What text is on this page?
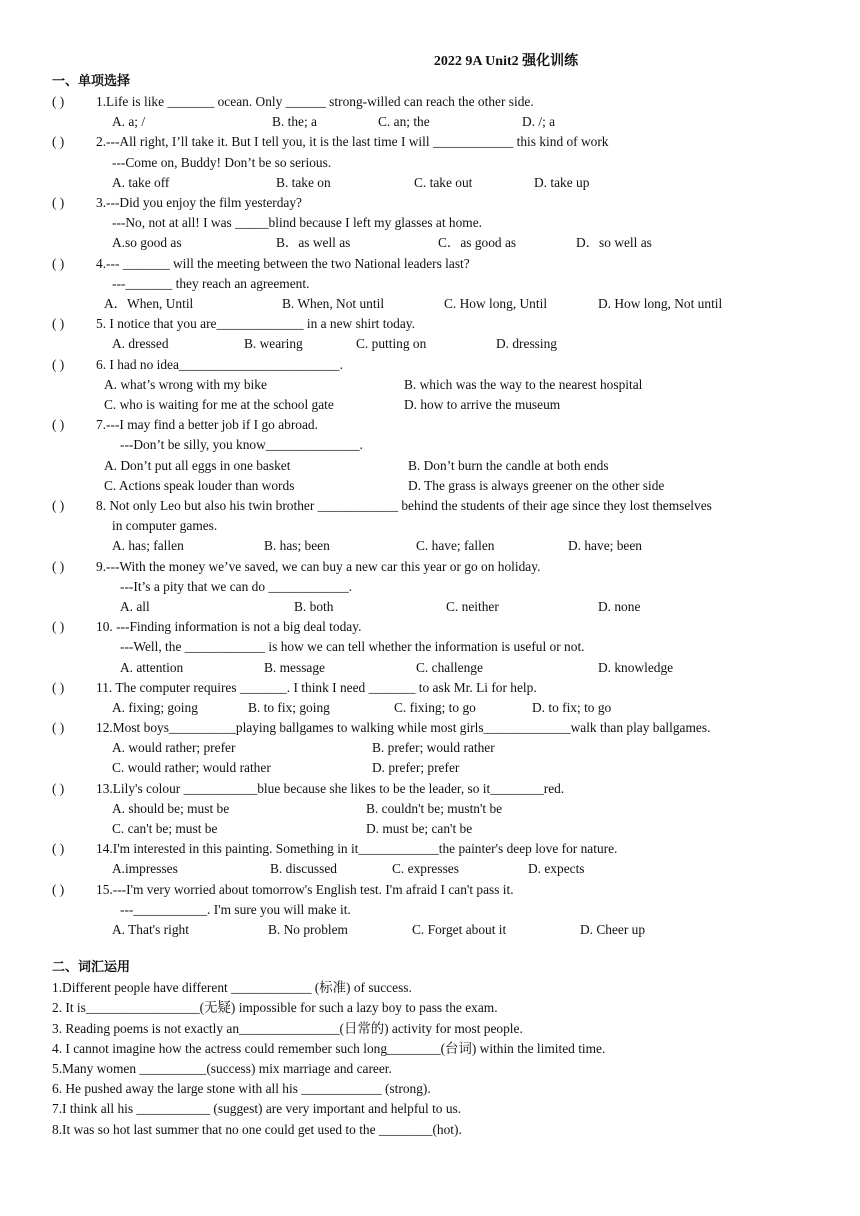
2022 9A Unit2 强化训练
一、单项选择
( )	1.Life is like _______ ocean. Only ______ strong-willed can reach the other side.
A. a; /	B. the; a	C. an; the	D. /; a
( )	2.---All right, I’ll take it. But I tell you, it is the last time I will ____________ this kind of work
---Come on, Buddy! Don’t be so serious.
A. take off	B. take on	C. take out	D. take up
( )	3.---Did you enjoy the film yesterday?
---No, not at all! I was _____blind because I left my glasses at home.
A.so good as	B．as well as	C．as good as	D．so well as
( )	4.--- _______ will the meeting between the two National leaders last?
---_______ they reach an agreement.
A．When, Until	B. When, Not until	C. How long, Until	D. How long, Not until
( )	5. I notice that you are_____________ in a new shirt today.
A. dressed	B. wearing	C. putting on	D. dressing
( )	6. I had no idea________________________.
A. what’s wrong with my bike	B. which was the way to the nearest hospital
C. who is waiting for me at the school gate	D. how to arrive the museum
( )	7.---I may find a better job if I go abroad.
---Don’t be silly, you know______________.
A. Don’t put all eggs in one basket	B. Don’t burn the candle at both ends
C. Actions speak louder than words	D. The grass is always greener on the other side
( )	8. Not only Leo but also his twin brother ____________ behind the students of their age since they lost themselves
in computer games.
A. has; fallen	B. has; been	C. have; fallen	D. have; been
( )	9.---With the money we’ve saved, we can buy a new car this year or go on holiday.
---It’s a pity that we can do ____________.
A. all	B. both	C. neither	D. none
( )	10. ---Finding information is not a big deal today.
---Well, the ____________ is how we can tell whether the information is useful or not.
A. attention	B. message	C. challenge	D. knowledge
( )	11. The computer requires _______. I think I need _______ to ask Mr. Li for help.
A. fixing; going	B. to fix; going	C. fixing; to go	D. to fix; to go
( )	12.Most boys__________playing ballgames to walking while most girls_____________walk than play ballgames.
A. would rather; prefer	B. prefer; would rather
C. would rather; would rather	D. prefer; prefer
( )	13.Lily's colour ___________blue because she likes to be the leader, so it________red.
A. should be; must be	B. couldn't be; mustn't be
C. can't be; must be	D. must be; can't be
( )	14.I'm interested in this painting. Something in it____________the painter's deep love for nature.
A.impresses	B. discussed	C. expresses	D. expects
( )	15.---I'm very worried about tomorrow's English test. I'm afraid I can't pass it.
---___________. I'm sure you will make it.
A. That's right	B. No problem	C. Forget about it	D. Cheer up
二、词汇运用
1.Different people have different ____________ (标准) of success.
2. It is_________________(无疑) impossible for such a lazy boy to pass the exam.
3. Reading poems is not exactly an_______________(日常的) activity for most people.
4. I cannot imagine how the actress could remember such long________(台词) within the limited time.
5.Many women __________(success) mix marriage and career.
6. He pushed away the large stone with all his ____________ (strong).
7.I think all his ___________ (suggest) are very important and helpful to us.
8.It was so hot last summer that no one could get used to the ________(hot).
